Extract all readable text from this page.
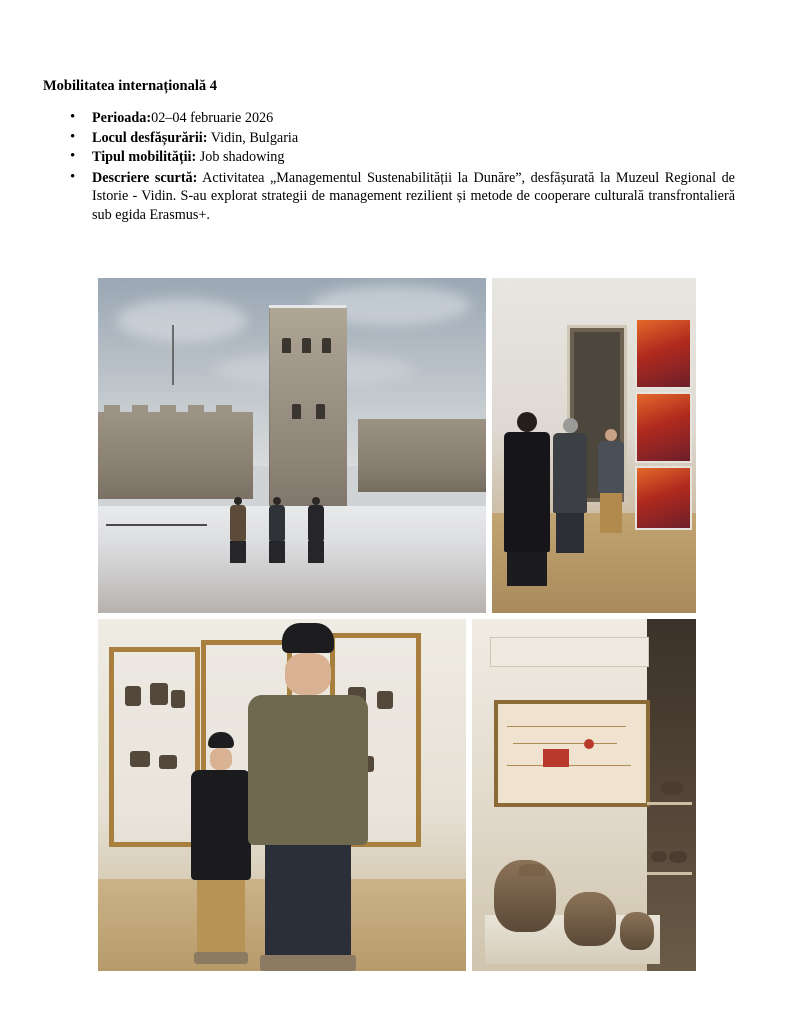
Mobilitatea internațională 4

• Perioada:02–04 februarie 2026
• Locul desfășurării: Vidin, Bulgaria
• Tipul mobilității: Job shadowing
• Descriere scurtă: Activitatea „Managementul Sustenabilității la Dunăre”, desfășurată la Muzeul Regional de Istorie - Vidin. S-au explorat strategii de management rezilient și metode de cooperare culturală transfrontalieră sub egida Erasmus+.
